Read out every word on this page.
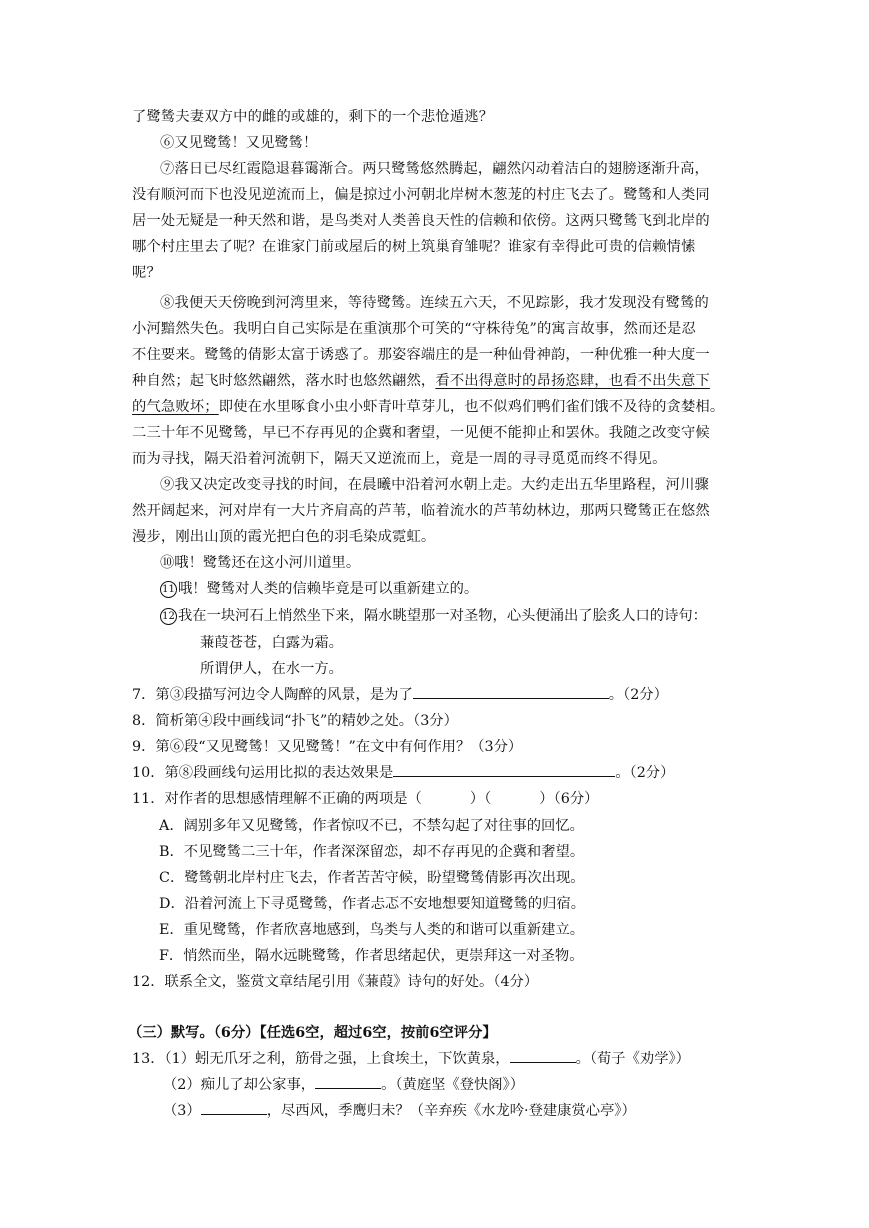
了鹭鸶夫妻双方中的雌的或雄的，剩下的一个悲怆遁逃？
⑥又见鹭鸶！又见鹭鸶！
⑦落日已尽红霞隐退暮霭渐合。两只鹭鸶悠然腾起，翩然闪动着洁白的翅膀逐渐升高，
没有顺河而下也没见逆流而上，偏是掠过小河朝北岸树木葱茏的村庄飞去了。鹭鸶和人类同
居一处无疑是一种天然和谐，是鸟类对人类善良天性的信赖和依傍。这两只鹭鸶飞到北岸的
哪个村庄里去了呢？在谁家门前或屋后的树上筑巢育雏呢？谁家有幸得此可贵的信赖情愫
呢？
⑧我便天天傍晚到河湾里来，等待鹭鸶。连续五六天，不见踪影，我才发现没有鹭鸶的
小河黯然失色。我明白自己实际是在重演那个可笑的“守株待兔”的寓言故事，然而还是忍
不住要来。鹭鸶的倩影太富于诱惑了。那姿容端庄的是一种仙骨神韵，一种优雅一种大度一
种自然；起飞时悠然翩然，落水时也悠然翩然，看不出得意时的昂扬恣肆，也看不出失意下
的气急败坏；即使在水里啄食小虫小虾青叶草芽儿，也不似鸡们鸭们雀们饿不及待的贪婪相。
二三十年不见鹭鸶，早已不存再见的企冀和奢望，一见便不能抑止和罢休。我随之改变守候
而为寻找，隔天沿着河流朝下，隔天又逆流而上，竟是一周的寻寻觅觅而终不得见。
⑨我又决定改变寻找的时间，在晨曦中沿着河水朝上走。大约走出五华里路程，河川骤
然开阔起来，河对岸有一大片齐肩高的芦苇，临着流水的芦苇幼林边，那两只鹭鸶正在悠然
漫步，刚出山顶的霞光把白色的羽毛染成霓虹。
⑩哦！鹭鸶还在这小河川道里。
11 哦！鹭鸶对人类的信赖毕竟是可以重新建立的。
12 我在一块河石上悄然坐下来，隔水眺望那一对圣物，心头便涌出了脍炙人口的诗句：
蒹葭苍苍，白露为霜。
所谓伊人，在水一方。
7．第③段描写河边令人陶醉的风景，是为了	。（2分）
8．简析第④段中画线词“扑飞”的精妙之处。（3分）
9．第⑥段“又见鹭鸶！又见鹭鸶！”在文中有何作用？（3分）
10．第⑧段画线句运用比拟的表达效果是	。（2分）
11．对作者的思想感情理解不正确的两项是（	）（	）（6分）
A．阔别多年又见鹭鸶，作者惊叹不已，不禁勾起了对往事的回忆。
B．不见鹭鸶二三十年，作者深深留恋，却不存再见的企冀和奢望。
C．鹭鸶朝北岸村庄飞去，作者苦苦守候，盼望鹭鸶倩影再次出现。
D．沿着河流上下寻觅鹭鸶，作者忐忑不安地想要知道鹭鸶的归宿。
E．重见鹭鸶，作者欣喜地感到，鸟类与人类的和谐可以重新建立。
F．悄然而坐，隔水远眺鹭鸶，作者思绪起伏，更崇拜这一对圣物。
12．联系全文，鉴赏文章结尾引用《蒹葭》诗句的好处。（4分）
（三）默写。（6分）【任选6空，超过6空，按前6空评分】
13．（1）蚓无爪牙之利，筋骨之强，上食埃土，下饮黄泉，	。（荀子《劝学》）
（2）痴儿了却公家事，	。（黄庭坚《登快阁》）
（3）	，尽西风，季鹰归未？（辛弃疾《水龙吟·登建康赏心亭》）
